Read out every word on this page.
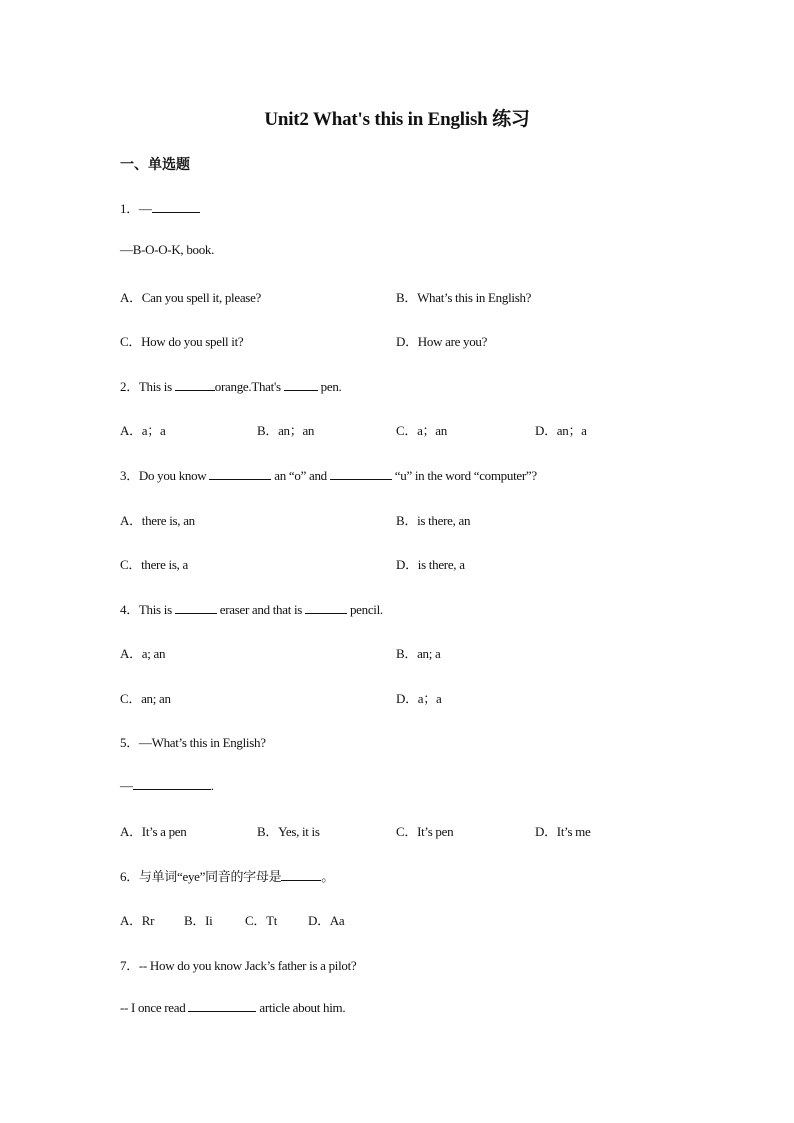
Unit2 What's this in English 练习
一、单选题
1．—
—B-O-O-K, book.
A．Can you spell it, please?	B．What’s this in English?
C．How do you spell it?	D．How are you?
2．This is	orange.That's	pen.
A．a；a	B．an；an	C．a；an	D．an；a
3．Do you know	an “o” and	“u” in the word “computer”?
A．there is, an	B．is there, an
C．there is, a	D．is there, a
4．This is	eraser and that is	pencil.
A．a; an	B．an; a
C．an; an	D．a；a
5．—What’s this in English?
—	.
A．It’s a pen	B．Yes, it is	C．It’s pen	D．It’s me
6．与单词“eye”同音的字母是	。
A．Rr B．Ii	C．Tt D．Aa
7．-- How do you know Jack’s father is a pilot?
-- I once read	article about him.
